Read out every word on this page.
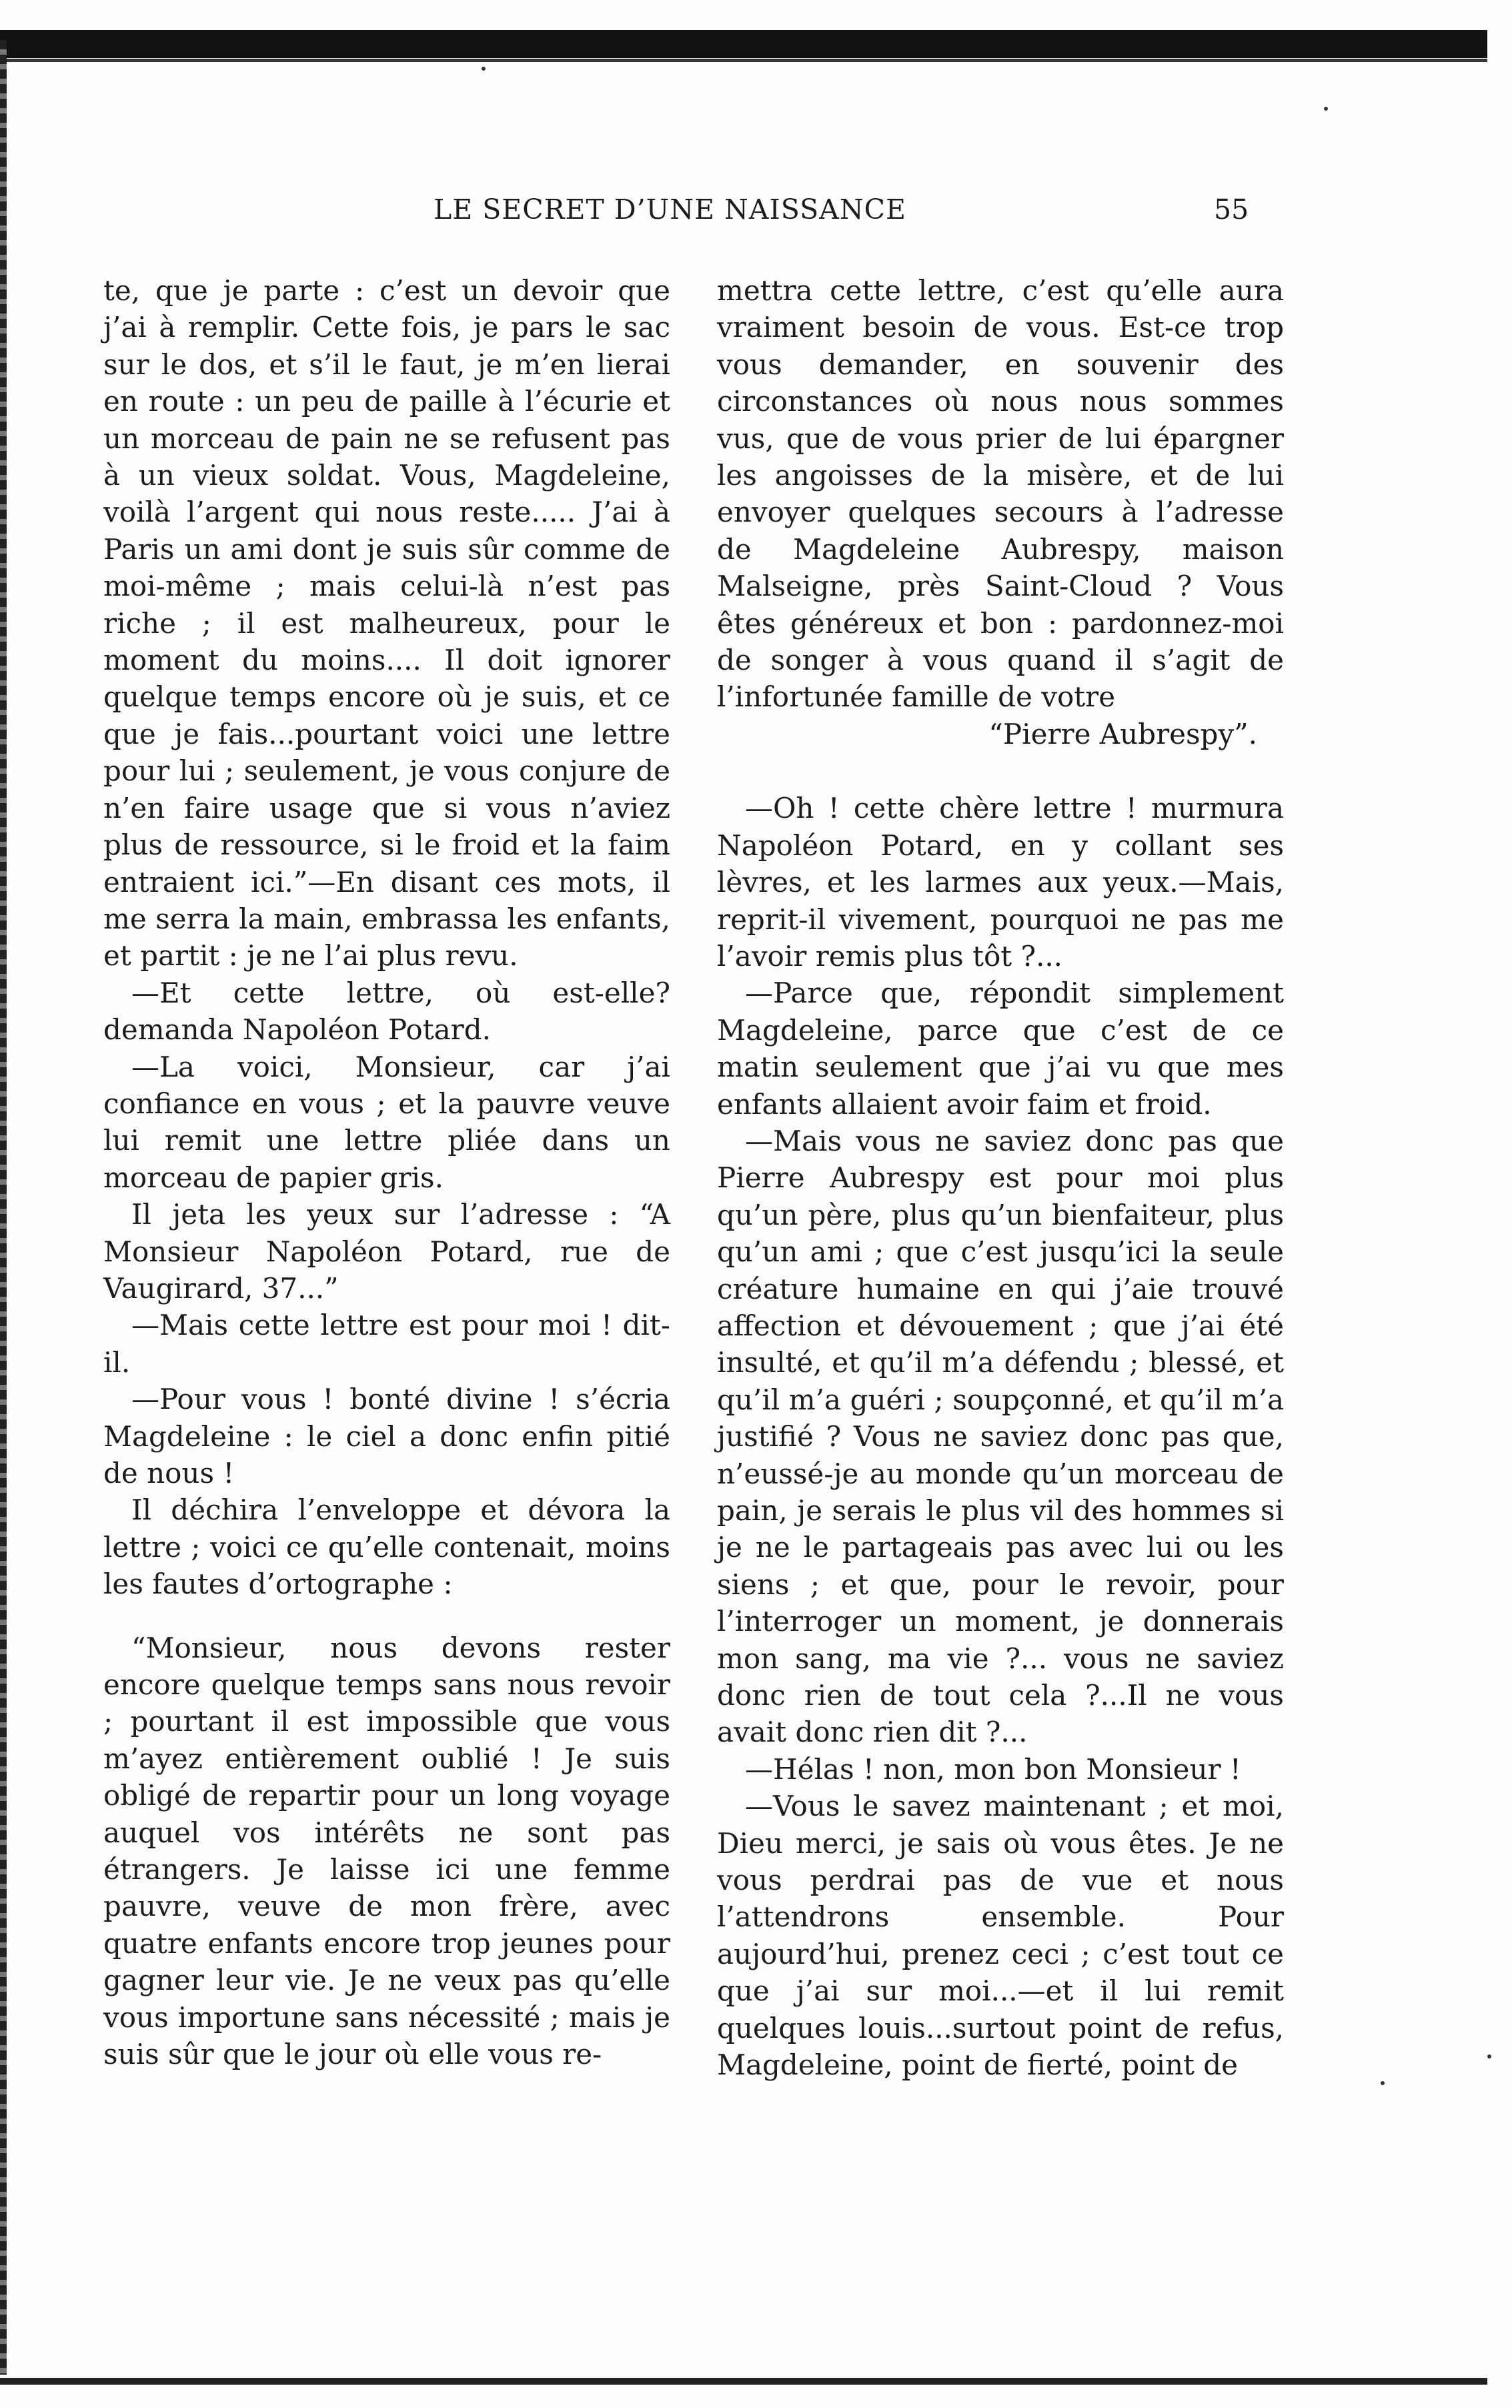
LE SECRET D’UNE NAISSANCE	55

te, que je parte : c’est un devoir que j’ai à remplir. Cette fois, je pars le sac sur le dos, et s’il le faut, je m’en lierai en route : un peu de paille à l’écurie et un morceau de pain ne se refusent pas à un vieux soldat. Vous, Magdeleine, voilà l’argent qui nous reste..... J’ai à Paris un ami dont je suis sûr comme de moi-même ; mais celui-là n’est pas riche ; il est malheureux, pour le moment du moins.... Il doit ignorer quelque temps encore où je suis, et ce que je fais...pourtant voici une lettre pour lui ; seulement, je vous conjure de n’en faire usage que si vous n’aviez plus de ressource, si le froid et la faim entraient ici.”—En disant ces mots, il me serra la main, embrassa les enfants, et partit : je ne l’ai plus revu.

—Et cette lettre, où est-elle? demanda Napoléon Potard.

—La voici, Monsieur, car j’ai confiance en vous ; et la pauvre veuve lui remit une lettre pliée dans un morceau de papier gris.

Il jeta les yeux sur l’adresse : “A Monsieur Napoléon Potard, rue de Vaugirard, 37...”

—Mais cette lettre est pour moi ! dit-il.

—Pour vous ! bonté divine ! s’écria Magdeleine : le ciel a donc enfin pitié de nous !

Il déchira l’enveloppe et dévora la lettre ; voici ce qu’elle contenait, moins les fautes d’ortographe :

“Monsieur, nous devons rester encore quelque temps sans nous revoir ; pourtant il est impossible que vous m’ayez entièrement oublié ! Je suis obligé de repartir pour un long voyage auquel vos intérêts ne sont pas étrangers. Je laisse ici une femme pauvre, veuve de mon frère, avec quatre enfants encore trop jeunes pour gagner leur vie. Je ne veux pas qu’elle vous importune sans nécessité ; mais je suis sûr que le jour où elle vous re-

mettra cette lettre, c’est qu’elle aura vraiment besoin de vous. Est-ce trop vous demander, en souvenir des circonstances où nous nous sommes vus, que de vous prier de lui épargner les angoisses de la misère, et de lui envoyer quelques secours à l’adresse de Magdeleine Aubrespy, maison Malseigne, près Saint-Cloud ? Vous êtes généreux et bon : pardonnez-moi de songer à vous quand il s’agit de l’infortunée famille de votre

“Pierre Aubrespy”.

—Oh ! cette chère lettre ! murmura Napoléon Potard, en y collant ses lèvres, et les larmes aux yeux.—Mais, reprit-il vivement, pourquoi ne pas me l’avoir remis plus tôt ?...

—Parce que, répondit simplement Magdeleine, parce que c’est de ce matin seulement que j’ai vu que mes enfants allaient avoir faim et froid.

—Mais vous ne saviez donc pas que Pierre Aubrespy est pour moi plus qu’un père, plus qu’un bienfaiteur, plus qu’un ami ; que c’est jusqu’ici la seule créature humaine en qui j’aie trouvé affection et dévouement ; que j’ai été insulté, et qu’il m’a défendu ; blessé, et qu’il m’a guéri ; soupçonné, et qu’il m’a justifié ? Vous ne saviez donc pas que, n’eussé-je au monde qu’un morceau de pain, je serais le plus vil des hommes si je ne le partageais pas avec lui ou les siens ; et que, pour le revoir, pour l’interroger un moment, je donnerais mon sang, ma vie ?... vous ne saviez donc rien de tout cela ?...Il ne vous avait donc rien dit ?...

—Hélas ! non, mon bon Monsieur !

—Vous le savez maintenant ; et moi, Dieu merci, je sais où vous êtes. Je ne vous perdrai pas de vue et nous l’attendrons ensemble. Pour aujourd’hui, prenez ceci ; c’est tout ce que j’ai sur moi...—et il lui remit quelques louis...surtout point de refus, Magdeleine, point de fierté, point de
